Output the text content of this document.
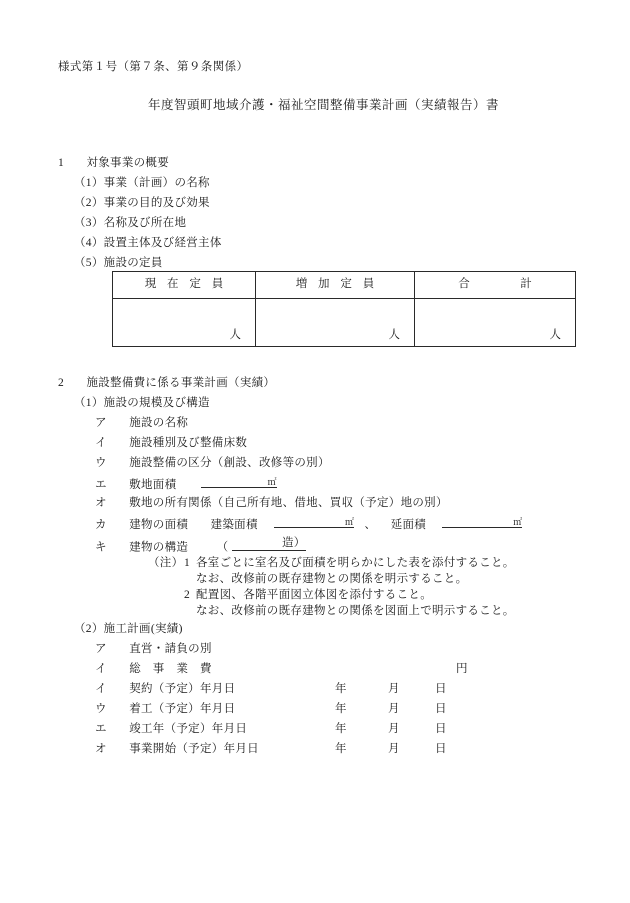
様式第１号（第７条、第９条関係）
年度智頭町地域介護・福祉空間整備事業計画（実績報告）書
1 対象事業の概要
（1）事業（計画）の名称
（2）事業の目的及び効果
（3）名称及び所在地
（4）設置主体及び経営主体
（5）施設の定員
現 在 定 員	増 加 定 員	合　　　計
人	人	人
2 施設整備費に係る事業計画（実績）
（1）施設の規模及び構造
ア 施設の名称
イ 施設種別及び整備床数
ウ 施設整備の区分（創設、改修等の別）
エ 敷地面積	㎡
オ 敷地の所有関係（自己所有地、借地、買収（予定）地の別）
カ 建物の面積 建築面積	㎡ 、 延面積	㎡
キ 建物の構造 （	造）
（注） 1 各室ごとに室名及び面積を明らかにした表を添付すること。
なお、改修前の既存建物との関係を明示すること。
2 配置図、各階平面図立体図を添付すること。
なお、改修前の既存建物との関係を図面上で明示すること。
（2）施工計画(実績)
ア 直営・請負の別
イ 総　事　業　費	円
イ 契約（予定）年月日	年	月	日
ウ 着工（予定）年月日	年	月	日
エ 竣工年（予定）年月日	年	月	日
オ 事業開始（予定）年月日	年	月	日
